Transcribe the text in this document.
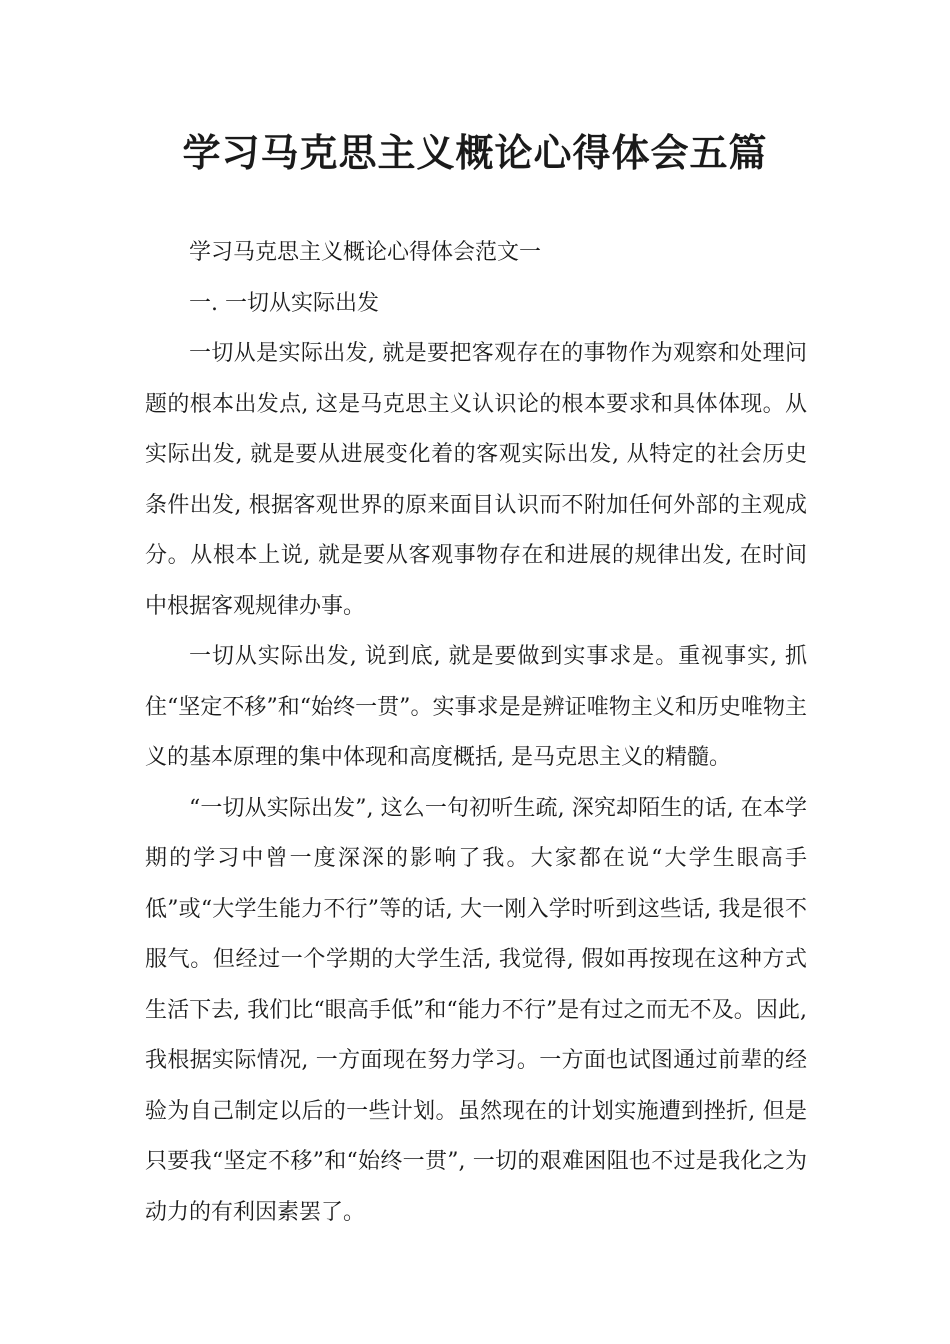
学习马克思主义概论心得体会五篇

学习马克思主义概论心得体会范文一

一. 一切从实际出发

一切从是实际出发, 就是要把客观存在的事物作为观察和处理问题的根本出发点, 这是马克思主义认识论的根本要求和具体体现。从实际出发, 就是要从进展变化着的客观实际出发, 从特定的社会历史条件出发, 根据客观世界的原来面目认识而不附加任何外部的主观成分。从根本上说, 就是要从客观事物存在和进展的规律出发, 在时间中根据客观规律办事。

一切从实际出发, 说到底, 就是要做到实事求是。重视事实, 抓住“坚定不移”和“始终一贯”。实事求是是辨证唯物主义和历史唯物主义的基本原理的集中体现和高度概括, 是马克思主义的精髓。

“一切从实际出发”, 这么一句初听生疏, 深究却陌生的话, 在本学期的学习中曾一度深深的影响了我。大家都在说“大学生眼高手低”或“大学生能力不行”等的话, 大一刚入学时听到这些话, 我是很不服气。但经过一个学期的大学生活, 我觉得, 假如再按现在这种方式生活下去, 我们比“眼高手低”和“能力不行”是有过之而无不及。因此, 我根据实际情况, 一方面现在努力学习。一方面也试图通过前辈的经验为自己制定以后的一些计划。虽然现在的计划实施遭到挫折, 但是只要我“坚定不移”和“始终一贯”, 一切的艰难困阻也不过是我化之为动力的有利因素罢了。
